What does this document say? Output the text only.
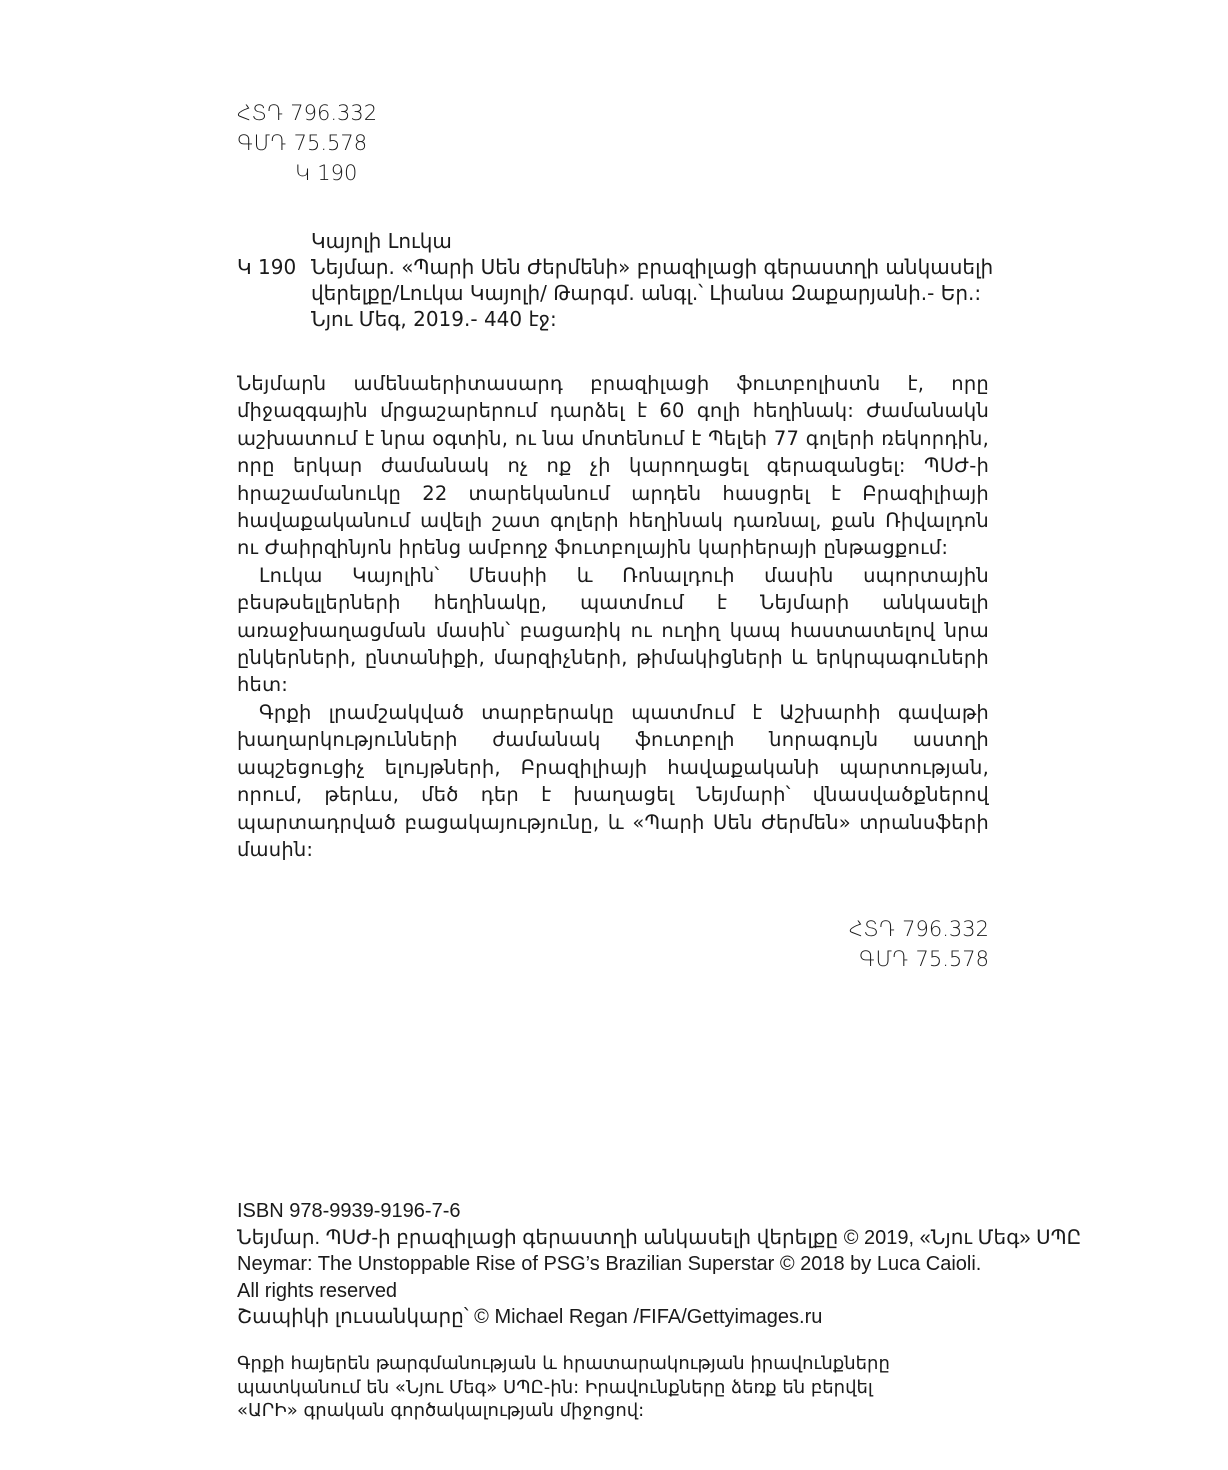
ՀՏԴ 796.332
ԳՄԴ 75.578
Կ 190
Կայոլի Լուկա
Կ 190 Նեյմար. «Պարի Սեն Ժերմենի» բրազիլացի գերաստղի անկասելի վերելքը/Լուկա Կայոլի/ Թարգմ. անգլ.՝ Լիանա Զաքարյանի.- Եր.: Նյու Մեգ, 2019.- 440 էջ:

Նեյմարն ամենաերիտասարդ բրազիլացի ֆուտբոլիստն է, որը միջազգային մրցաշարերում դարձել է 60 գոլի հեղինակ: Ժամանակն աշխատում է նրա օգտին, ու նա մոտենում է Պելեի 77 գոլերի ռեկորդին, որը երկար ժամանակ ոչ ոք չի կարողացել գերազանցել: ՊՍԺ-ի հրաշամանուկը 22 տարեկանում արդեն հասցրել է Բրազիլիայի հավաքականում ավելի շատ գոլերի հեղինակ դառնալ, քան Ռիվալդոն ու Ժաիրզինյոն իրենց ամբողջ ֆուտբոլային կարիերայի ընթացքում:

Լուկա Կայոլին՝ Մեսսիի և Ռոնալդուի մասին սպորտային բեսթսելլերների հեղինակը, պատմում է Նեյմարի անկասելի առաջխաղացման մասին՝ բացառիկ ու ուղիղ կապ հաստատելով նրա ընկերների, ընտանիքի, մարզիչների, թիմակիցների և երկրպագուների հետ:

Գրքի լրամշակված տարբերակը պատմում է Աշխարհի գավաթի խաղարկությունների ժամանակ ֆուտբոլի նորագույն աստղի ապշեցուցիչ ելույթների, Բրազիլիայի հավաքականի պարտության, որում, թերևս, մեծ դեր է խաղացել Նեյմարի՝ վնասվածքներով պարտադրված բացակայությունը, և «Պարի Սեն Ժերմեն» տրանսֆերի մասին:

ՀՏԴ 796.332
ԳՄԴ 75.578
ISBN 978-9939-9196-7-6
Նեյմար. ՊՍԺ-ի բրազիլացի գերաստղի անկասելի վերելքը © 2019, «Նյու Մեգ» ՍՊԸ
Neymar: The Unstoppable Rise of PSG’s Brazilian Superstar © 2018 by Luca Caioli.
All rights reserved
Շապիկի լուսանկարը՝ © Michael Regan /FIFA/Gettyimages.ru
Գրքի հայերեն թարգմանության և հրատարակության իրավունքները
պատկանում են «Նյու Մեգ» ՍՊԸ-ին: Իրավունքները ձեռք են բերվել
«ԱՐԻ» գրական գործակալության միջոցով:
